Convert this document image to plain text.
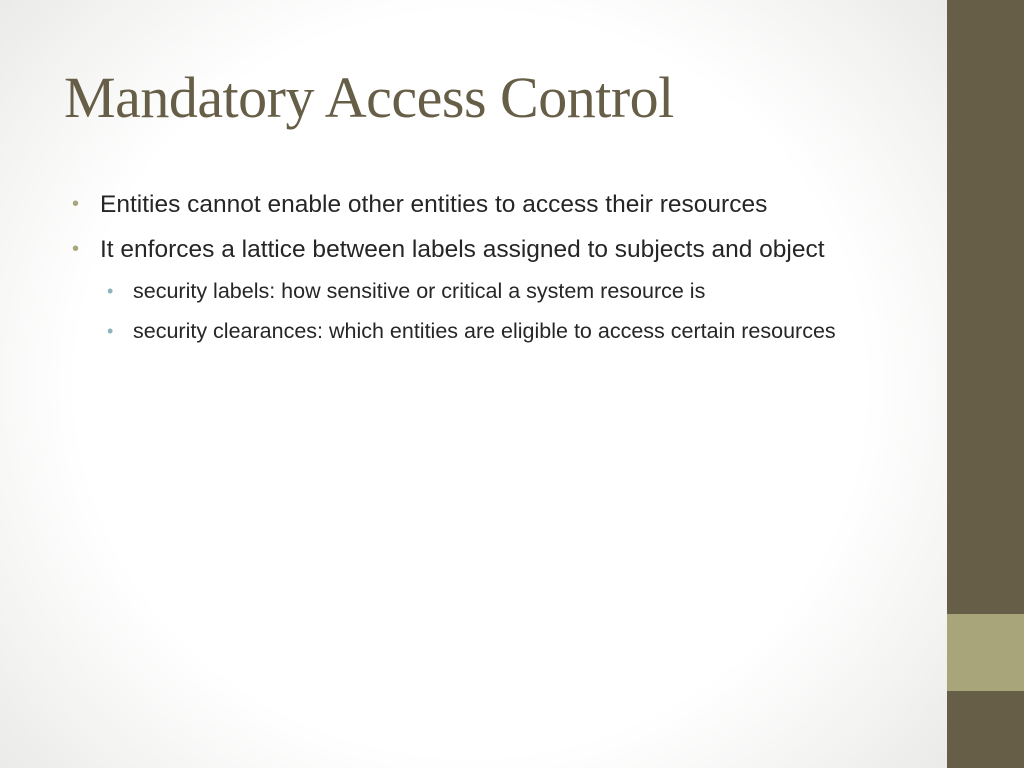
Mandatory Access Control
• Entities cannot enable other entities to access their resources
• It enforces a lattice between labels assigned to subjects and object
• security labels: how sensitive or critical a system resource is
• security clearances: which entities are eligible to access certain resources
